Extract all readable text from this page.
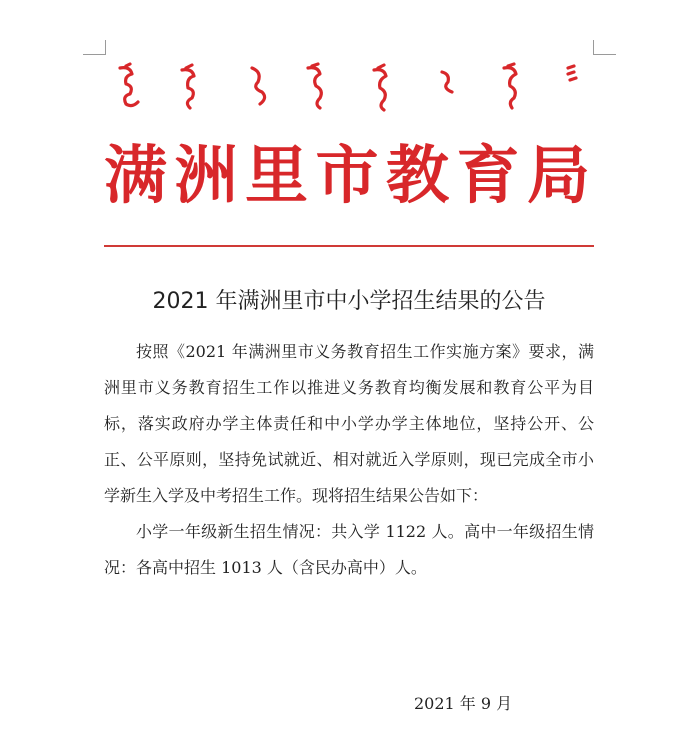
满洲里市教育局
2021 年满洲里市中小学招生结果的公告

按照《2021 年满洲里市义务教育招生工作实施方案》要求，满洲里市义务教育招生工作以推进义务教育均衡发展和教育公平为目标，落实政府办学主体责任和中小学办学主体地位，坚持公开、公正、公平原则，坚持免试就近、相对就近入学原则，现已完成全市小学新生入学及中考招生工作。现将招生结果公告如下：

小学一年级新生招生情况：共入学 1122 人。高中一年级招生情况：各高中招生 1013 人（含民办高中）人。

2021 年 9 月
